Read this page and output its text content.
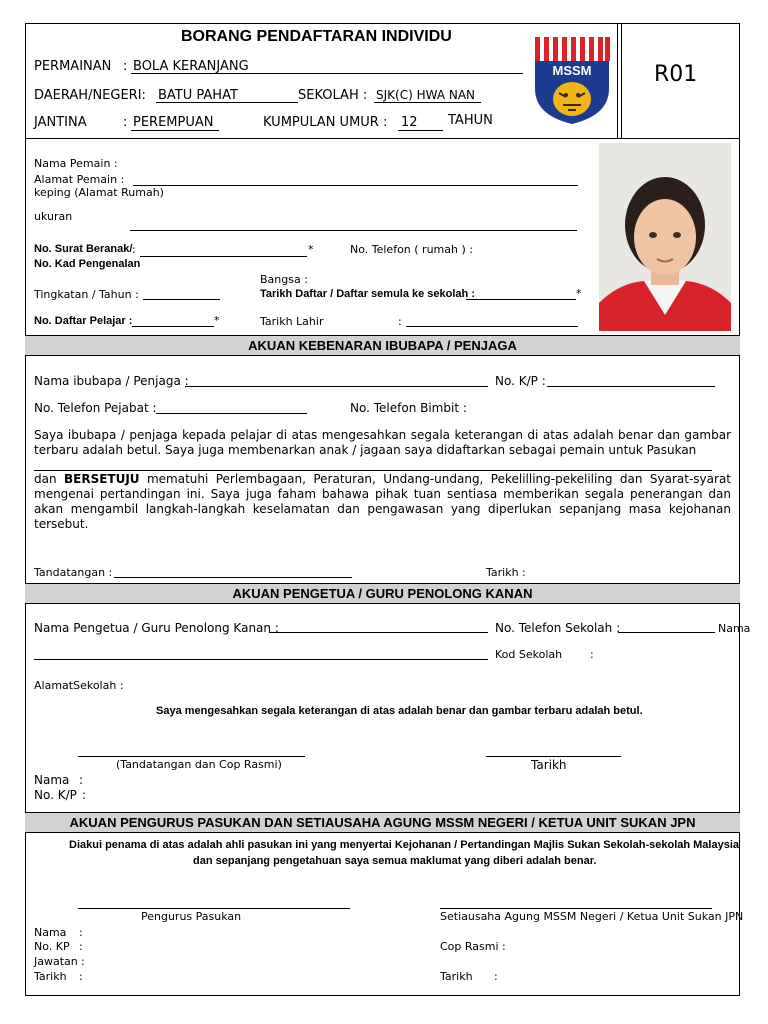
BORANG PENDAFTARAN INDIVIDU
R01
MSSM
PERMAINAN : BOLA KERANJANG
DAERAH/NEGERI: BATU PAHAT	SEKOLAH : SJK(C) HWA NAN
JANTINA	: PEREMPUAN	KUMPULAN UMUR : 12 TAHUN
Nama Pemain :
Alamat Pemain :
keping (Alamat Rumah)
ukuran
No. Surat Beranak/ :	*
No. Kad Pengenalan
No. Telefon ( rumah ) :
Bangsa :
Tingkatan / Tahun :	Tarikh Daftar / Daftar semula ke sekolah :	*
No. Daftar Pelajar :	*	Tarikh Lahir	:
AKUAN KEBENARAN IBUBAPA / PENJAGA
Nama ibubapa / Penjaga :	No. K/P :
No. Telefon Pejabat :	No. Telefon Bimbit :
Saya ibubapa / penjaga kepada pelajar di atas mengesahkan segala keterangan di atas adalah benar dan gambar terbaru adalah betul. Saya juga membenarkan anak / jagaan saya didaftarkan sebagai pemain untuk Pasukan
dan BERSETUJU mematuhi Perlembagaan, Peraturan, Undang-undang, Pekelilling-pekeliling dan Syarat-syarat mengenai pertandingan ini. Saya juga faham bahawa pihak tuan sentiasa memberikan segala penerangan dan akan mengambil langkah-langkah keselamatan dan pengawasan yang diperlukan sepanjang masa kejohanan tersebut.
Tandatangan :	Tarikh :
AKUAN PENGETUA / GURU PENOLONG KANAN
Nama Pengetua / Guru Penolong Kanan :	No. Telefon Sekolah :	Nama
Kod Sekolah	:
AlamatSekolah :
Saya mengesahkan segala keterangan di atas adalah benar dan gambar terbaru adalah betul.
(Tandatangan dan Cop Rasmi)	Tarikh
Nama :
No. K/P :
AKUAN PENGURUS PASUKAN DAN SETIAUSAHA AGUNG MSSM NEGERI / KETUA UNIT SUKAN JPN
Diakui penama di atas adalah ahli pasukan ini yang menyertai Kejohanan / Pertandingan Majlis Sukan Sekolah-sekolah Malaysia
dan sepanjang pengetahuan saya semua maklumat yang diberi adalah benar.
Pengurus Pasukan	Setiausaha Agung MSSM Negeri / Ketua Unit Sukan JPN
Nama :
No. KP :
Jawatan :
Tarikh :
Cop Rasmi :
Tarikh :
